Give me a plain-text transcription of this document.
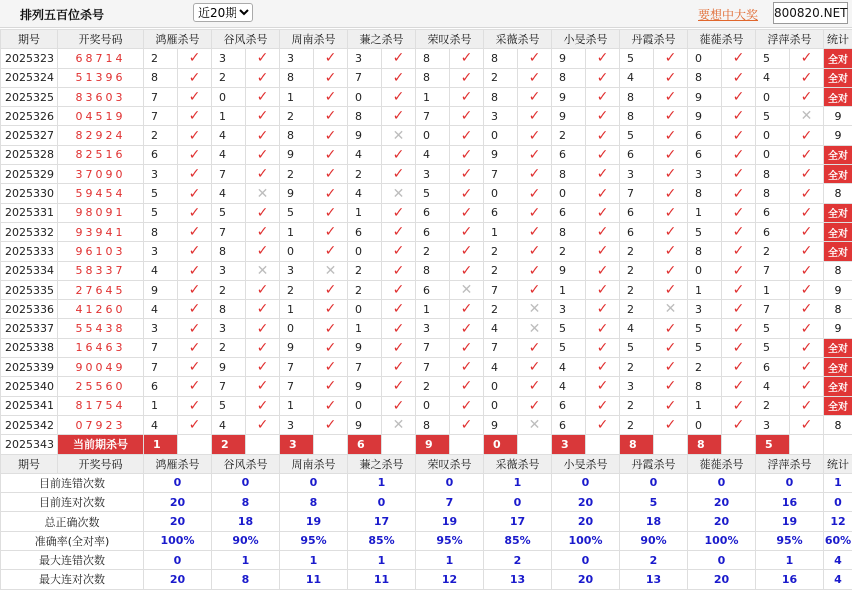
排列五百位杀号
近20期	要想中大奖 800820.NET
期号	开奖号码	鸿雁杀号		谷风杀号		周南杀号		蒹之杀号		荣叹杀号		采薇杀号		小旻杀号		丹霞杀号		蓰蓰杀号		浮萍杀号		统计
2025323	68714	2	✓	3	✓	3	✓	3	✓	8	✓	8	✓	9	✓	5	✓	0	✓	5	✓	全对
2025324	51396	8	✓	2	✓	8	✓	7	✓	8	✓	2	✓	8	✓	4	✓	8	✓	4	✓	全对
2025325	83603	7	✓	0	✓	1	✓	0	✓	1	✓	8	✓	9	✓	8	✓	9	✓	0	✓	全对
2025326	04519	7	✓	1	✓	2	✓	8	✓	7	✓	3	✓	9	✓	8	✓	9	✓	5	✕	9
2025327	82924	2	✓	4	✓	8	✓	9	✕	0	✓	0	✓	2	✓	5	✓	6	✓	0	✓	9
2025328	82516	6	✓	4	✓	9	✓	4	✓	4	✓	9	✓	6	✓	6	✓	6	✓	0	✓	全对
2025329	37090	3	✓	7	✓	2	✓	2	✓	3	✓	7	✓	8	✓	3	✓	3	✓	8	✓	全对
2025330	59454	5	✓	4	✕	9	✓	4	✕	5	✓	0	✓	0	✓	7	✓	8	✓	8	✓	8
2025331	98091	5	✓	5	✓	5	✓	1	✓	6	✓	6	✓	6	✓	6	✓	1	✓	6	✓	全对
2025332	93941	8	✓	7	✓	1	✓	6	✓	6	✓	1	✓	8	✓	6	✓	5	✓	6	✓	全对
2025333	96103	3	✓	8	✓	0	✓	0	✓	2	✓	2	✓	2	✓	2	✓	8	✓	2	✓	全对
2025334	58337	4	✓	3	✕	3	✕	2	✓	8	✓	2	✓	9	✓	2	✓	0	✓	7	✓	8
2025335	27645	9	✓	2	✓	2	✓	2	✓	6	✕	7	✓	1	✓	2	✓	1	✓	1	✓	9
2025336	41260	4	✓	8	✓	1	✓	0	✓	1	✓	2	✕	3	✓	2	✕	3	✓	7	✓	8
2025337	55438	3	✓	3	✓	0	✓	1	✓	3	✓	4	✕	5	✓	4	✓	5	✓	5	✓	9
2025338	16463	7	✓	2	✓	9	✓	9	✓	7	✓	7	✓	5	✓	5	✓	5	✓	5	✓	全对
2025339	90049	7	✓	9	✓	7	✓	7	✓	7	✓	4	✓	4	✓	2	✓	2	✓	6	✓	全对
2025340	25560	6	✓	7	✓	7	✓	9	✓	2	✓	0	✓	4	✓	3	✓	8	✓	4	✓	全对
2025341	81754	1	✓	5	✓	1	✓	0	✓	0	✓	0	✓	6	✓	2	✓	1	✓	2	✓	全对
2025342	07923	4	✓	4	✓	3	✓	9	✕	8	✓	9	✕	6	✓	2	✓	0	✓	3	✓	8
2025343	当前期杀号	1		2		3		6		9		0		3		8		8		5		
期号	开奖号码	鸿雁杀号		谷风杀号		周南杀号		蒹之杀号		荣叹杀号		采薇杀号		小旻杀号		丹霞杀号		蓰蓰杀号		浮萍杀号		统计
目前连错次数		0		0		0		1		0		1		0		0		0		0		1
目前连对次数		20		8		8		0		7		0		20		5		20		16		0
总正确次数		20		18		19		17		19		17		20		18		20		19		12
准确率(全对率)		100%		90%		95%		85%		95%		85%		100%		90%		100%		95%		60%
最大连错次数		0		1		1		1		1		2		0		2		0		1		4
最大连对次数		20		8		11		11		12		13		20		13		20		16		4
